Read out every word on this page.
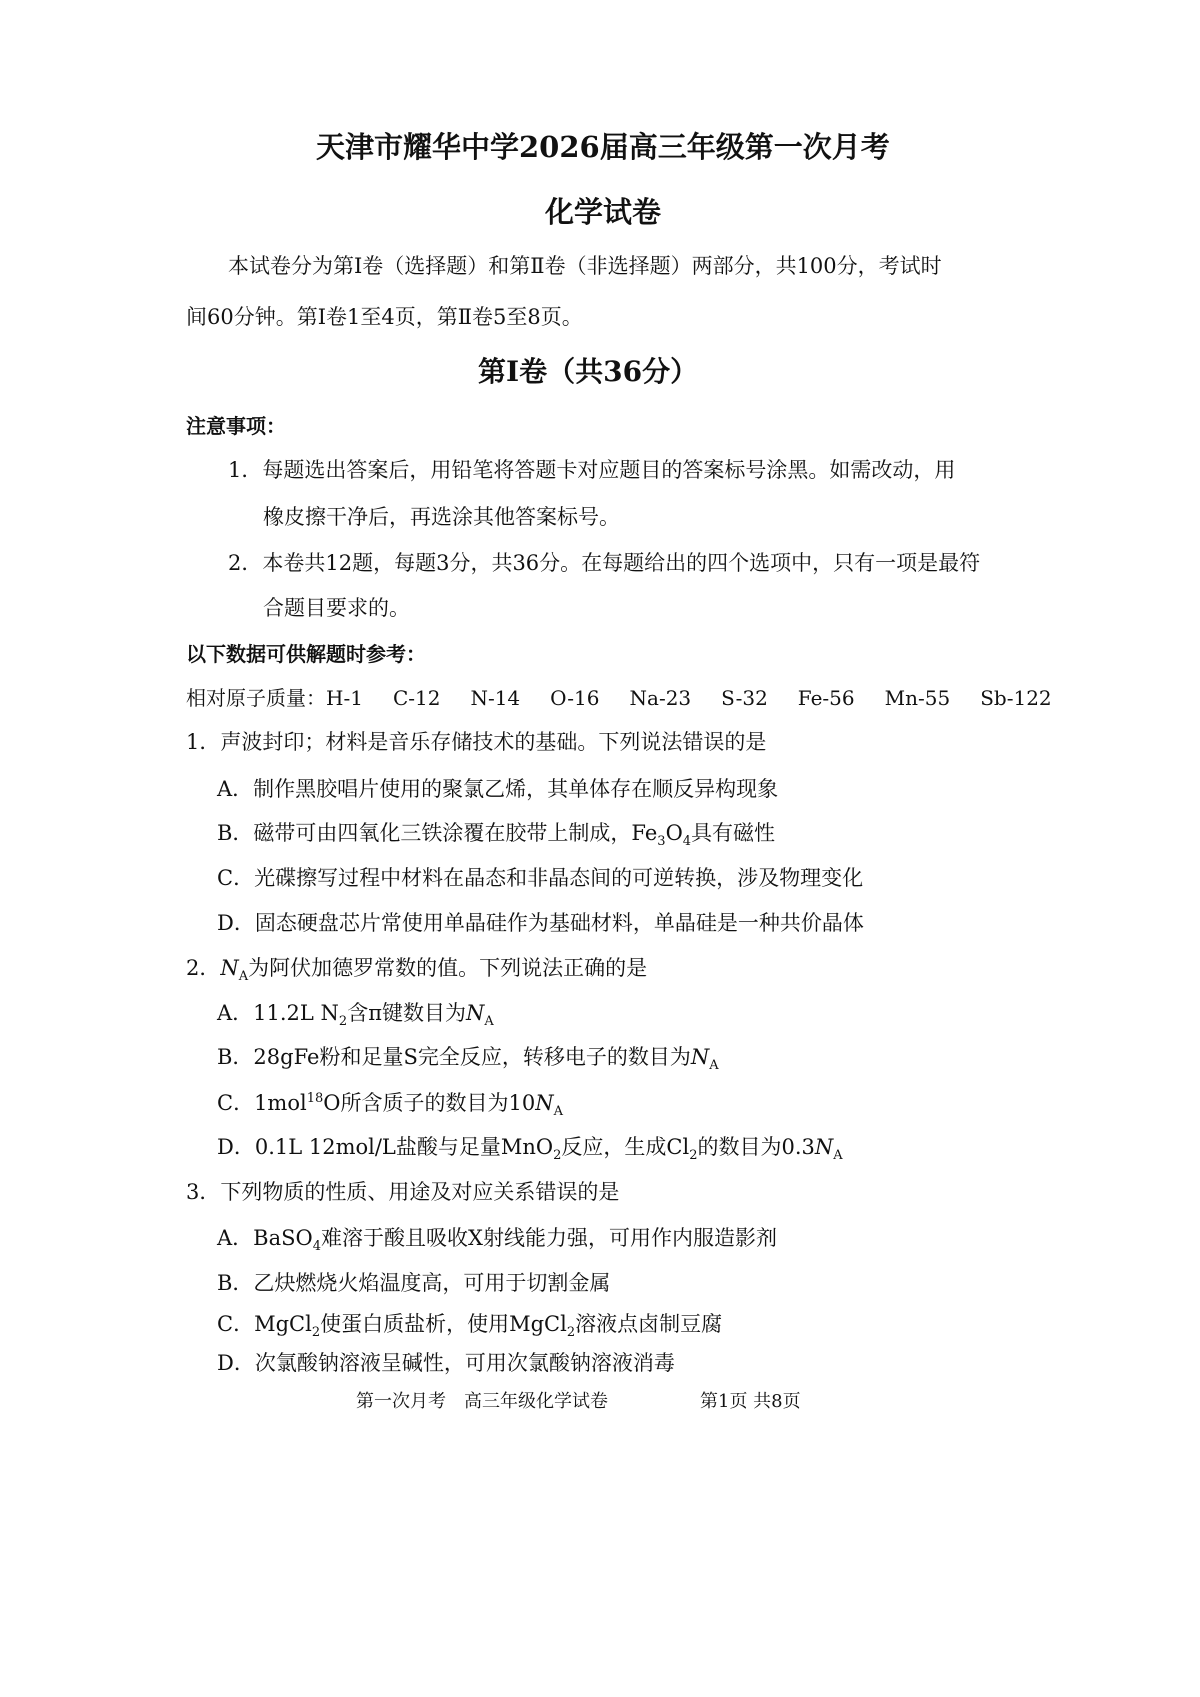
天津市耀华中学2026届高三年级第一次月考
化学试卷
本试卷分为第Ⅰ卷（选择题）和第Ⅱ卷（非选择题）两部分，共100分，考试时
间60分钟。第Ⅰ卷1至4页，第Ⅱ卷5至8页。
第Ⅰ卷（共36分）
注意事项：
1．每题选出答案后，用铅笔将答题卡对应题目的答案标号涂黑。如需改动，用
橡皮擦干净后，再选涂其他答案标号。
2．本卷共12题，每题3分，共36分。在每题给出的四个选项中，只有一项是最符
合题目要求的。
以下数据可供解题时参考：
相对原子质量：H-1 C-12 N-14 O-16 Na-23 S-32 Fe-56 Mn-55 Sb-122
1．声波封印；材料是音乐存储技术的基础。下列说法错误的是
A．制作黑胶唱片使用的聚氯乙烯，其单体存在顺反异构现象
B．磁带可由四氧化三铁涂覆在胶带上制成，$Fe_3O_4$具有磁性
C．光碟擦写过程中材料在晶态和非晶态间的可逆转换，涉及物理变化
D．固态硬盘芯片常使用单晶硅作为基础材料，单晶硅是一种共价晶体
2．$N_A$为阿伏加德罗常数的值。下列说法正确的是
A．11.2L $N_2$含π键数目为$N_A$
B．28gFe粉和足量S完全反应，转移电子的数目为$N_A$
C．1mol$^{18}$O所含质子的数目为$10N_A$
D．0.1L 12mol/L盐酸与足量MnO$_2$反应，生成$Cl_2$的数目为$0.3N_A$
3．下列物质的性质、用途及对应关系错误的是
A．BaSO$_4$难溶于酸且吸收X射线能力强，可用作内服造影剂
B．乙炔燃烧火焰温度高，可用于切割金属
C．MgCl$_2$使蛋白质盐析，使用MgCl$_2$溶液点卤制豆腐
D．次氯酸钠溶液呈碱性，可用次氯酸钠溶液消毒
第一次月考　高三年级化学试卷	第1页 共8页
